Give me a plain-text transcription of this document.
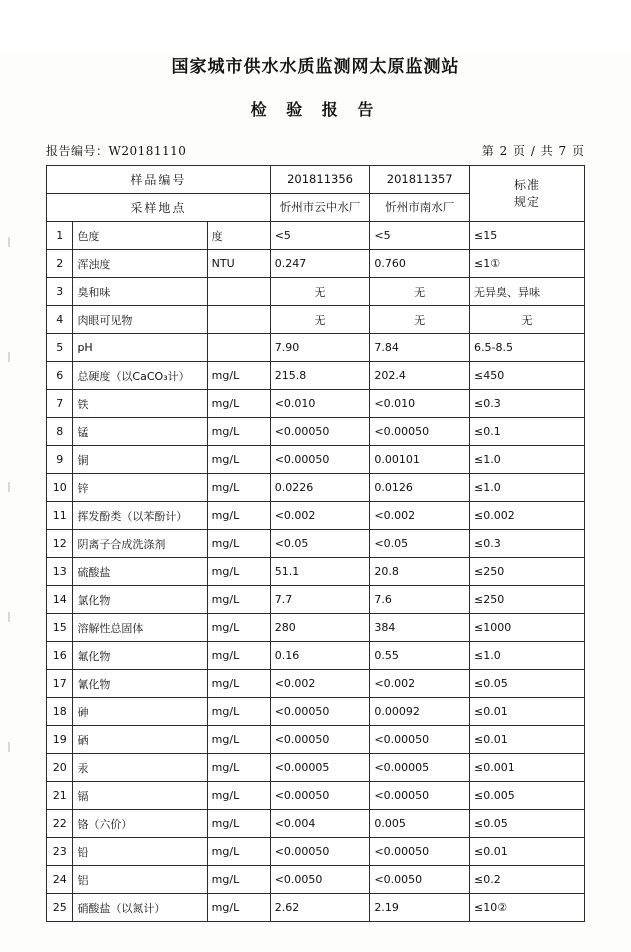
国家城市供水水质监测网太原监测站
检 验 报 告
报告编号：W20181110	第 2 页 / 共 7 页
样品编号			201811356	201811357	标准
规定

采样地点			忻州市云中水厂	忻州市南水厂	
1	色度	度	<5	<5	≤15
2	浑浊度	NTU	0.247	0.760	≤1①
3	臭和味		无	无	无异臭、异味
4	肉眼可见物		无	无	无
5	pH		7.90	7.84	6.5-8.5
6	总硬度（以CaCO₃计）	mg/L	215.8	202.4	≤450
7	铁	mg/L	<0.010	<0.010	≤0.3
8	锰	mg/L	<0.00050	<0.00050	≤0.1
9	铜	mg/L	<0.00050	0.00101	≤1.0
10	锌	mg/L	0.0226	0.0126	≤1.0
11	挥发酚类（以苯酚计）	mg/L	<0.002	<0.002	≤0.002
12	阴离子合成洗涤剂	mg/L	<0.05	<0.05	≤0.3
13	硫酸盐	mg/L	51.1	20.8	≤250
14	氯化物	mg/L	7.7	7.6	≤250
15	溶解性总固体	mg/L	280	384	≤1000
16	氟化物	mg/L	0.16	0.55	≤1.0
17	氰化物	mg/L	<0.002	<0.002	≤0.05
18	砷	mg/L	<0.00050	0.00092	≤0.01
19	硒	mg/L	<0.00050	<0.00050	≤0.01
20	汞	mg/L	<0.00005	<0.00005	≤0.001
21	镉	mg/L	<0.00050	<0.00050	≤0.005
22	铬（六价）	mg/L	<0.004	0.005	≤0.05
23	铅	mg/L	<0.00050	<0.00050	≤0.01
24	铝	mg/L	<0.0050	<0.0050	≤0.2
25	硝酸盐（以氮计）	mg/L	2.62	2.19	≤10②
